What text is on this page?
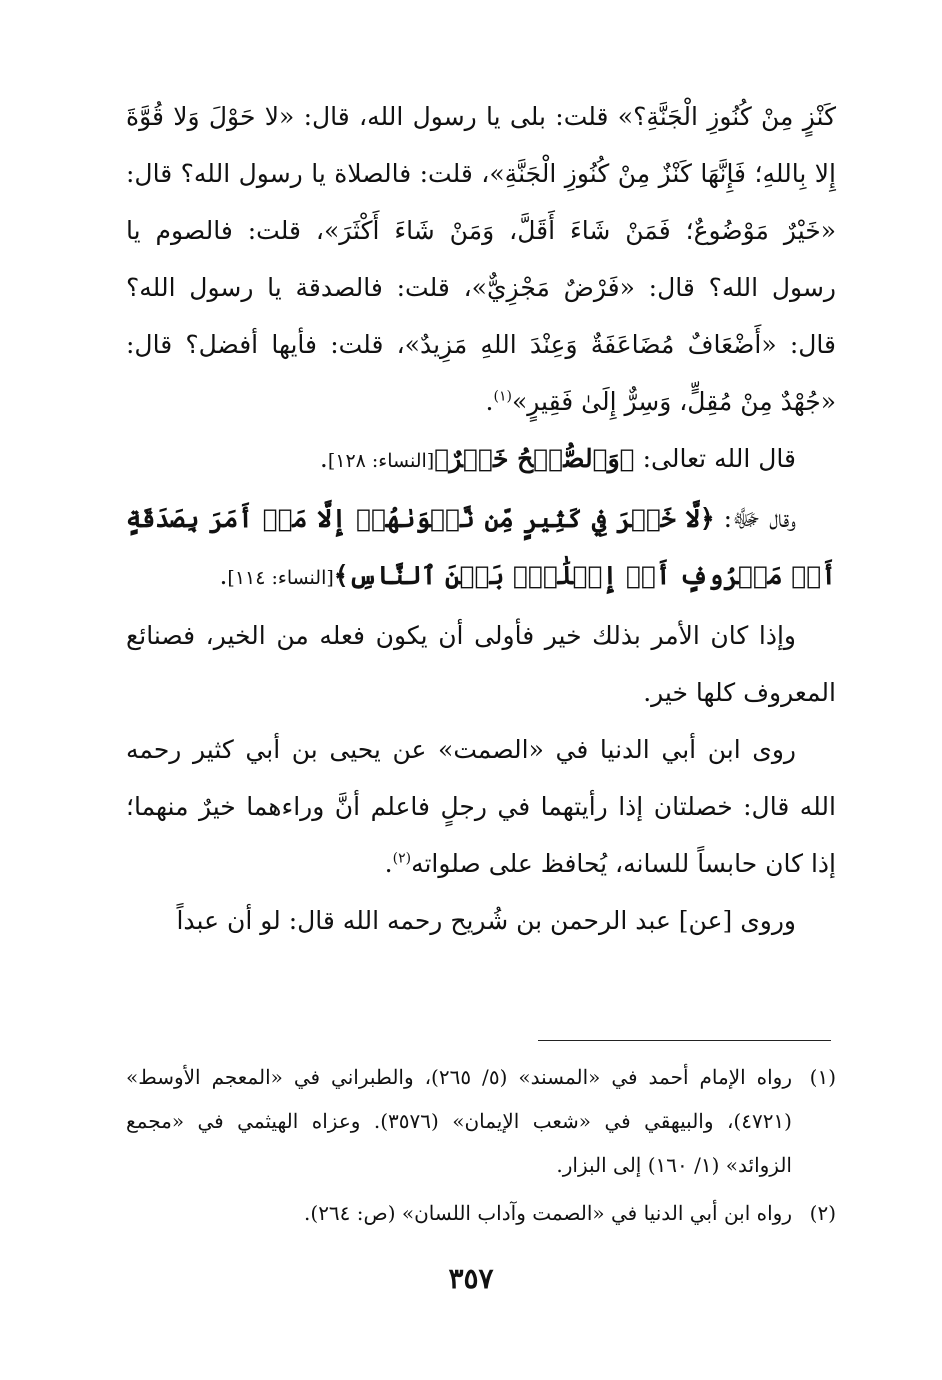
كَنْزٍ مِنْ كُنُوزِ الْجَنَّةِ؟» قلت: بلى يا رسول الله، قال: «لا حَوْلَ وَلا قُوَّةَ إِلا بِاللهِ؛ فَإِنَّهَا كَنْزٌ مِنْ كُنُوزِ الْجَنَّةِ»، قلت: فالصلاة يا رسول الله؟ قال: «خَيْرٌ مَوْضُوعٌ؛ فَمَنْ شَاءَ أَقَلَّ، وَمَنْ شَاءَ أَكْثَرَ»، قلت: فالصوم يا رسول الله؟ قال: «فَرْضٌ مَجْزِيٌّ»، قلت: فالصدقة يا رسول الله؟ قال: «أَضْعَافٌ مُضَاعَفَةٌ وَعِنْدَ اللهِ مَزِيدٌ»، قلت: فأيها أفضل؟ قال: «جُهْدٌ مِنْ مُقِلٍّ، وَسِرٌّ إِلَىٰ فَقِيرٍ»$^{(١)}$.

قال الله تعالى: ﴿وَٱلصُّلۡحُ خَيۡرٌ﴾[النساء: ١٢٨].

وقال ﷻ: ﴿لَّا خَيۡرَ فِي كَثِيرٍ مِّن نَّجۡوَىٰهُمۡ إِلَّا مَنۡ أَمَرَ بِصَدَقَةٍ أَوۡ مَعۡرُوفٍ أَوۡ إِصۡلَٰحِۭ بَيۡنَ ٱلنَّاسِ﴾[النساء: ١١٤].

وإذا كان الأمر بذلك خير فأولى أن يكون فعله من الخير، فصنائع المعروف كلها خير.

روى ابن أبي الدنيا في «الصمت» عن يحيى بن أبي كثير رحمه الله قال: خصلتان إذا رأيتهما في رجلٍ فاعلم أنَّ وراءهما خيرٌ منهما؛ إذا كان حابساً للسانه، يُحافظ على صلواته$^{(٢)}$.

وروى [عن] عبد الرحمن بن شُريح رحمه الله قال: لو أن عبداً

(١)
رواه الإمام أحمد في «المسند» (٥/ ٢٦٥)، والطبراني في «المعجم الأوسط» (٤٧٢١)، والبيهقي في «شعب الإيمان» (٣٥٧٦). وعزاه الهيثمي في «مجمع الزوائد» (١/ ١٦٠) إلى البزار.
(٢)
رواه ابن أبي الدنيا في «الصمت وآداب اللسان» (ص: ٢٦٤).
٣٥٧
